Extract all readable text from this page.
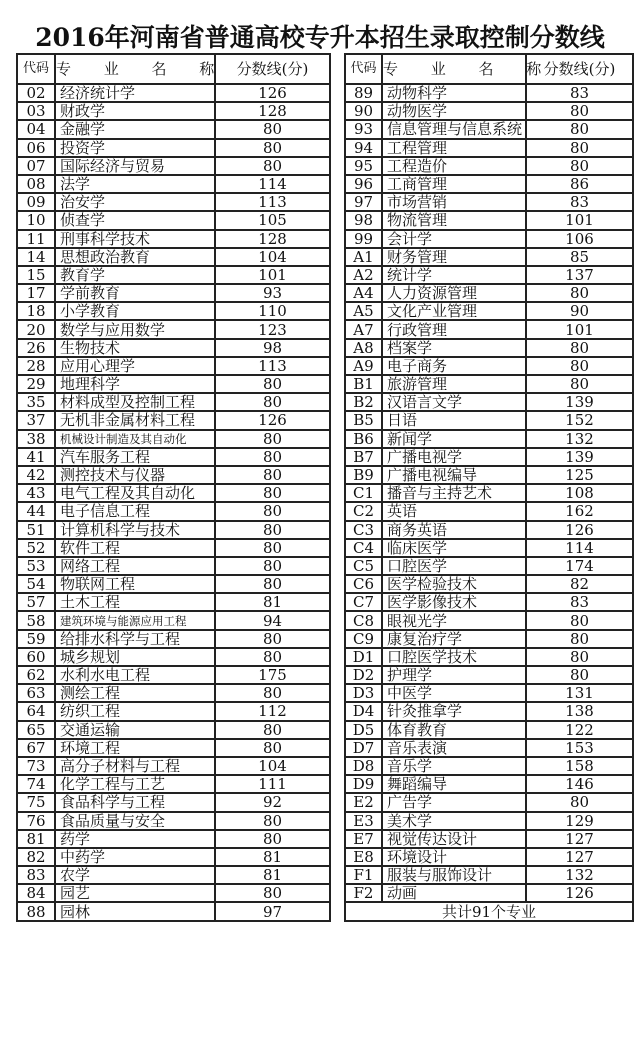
2016年河南省普通高校专升本招生录取控制分数线
代码	专 业 名 称	分数线(分)
02	经济统计学	126
03	财政学	128
04	金融学	80
06	投资学	80
07	国际经济与贸易	80
08	法学	114
09	治安学	113
10	侦查学	105
11	刑事科学技术	128
14	思想政治教育	104
15	教育学	101
17	学前教育	93
18	小学教育	110
20	数学与应用数学	123
26	生物技术	98
28	应用心理学	113
29	地理科学	80
35	材料成型及控制工程	80
37	无机非金属材料工程	126
38	机械设计制造及其自动化	80
41	汽车服务工程	80
42	测控技术与仪器	80
43	电气工程及其自动化	80
44	电子信息工程	80
51	计算机科学与技术	80
52	软件工程	80
53	网络工程	80
54	物联网工程	80
57	土木工程	81
58	建筑环境与能源应用工程	94
59	给排水科学与工程	80
60	城乡规划	80
62	水利水电工程	175
63	测绘工程	80
64	纺织工程	112
65	交通运输	80
67	环境工程	80
73	高分子材料与工程	104
74	化学工程与工艺	111
75	食品科学与工程	92
76	食品质量与安全	80
81	药学	80
82	中药学	81
83	农学	81
84	园艺	80
88	园林	97
代码	专 业 名 称	分数线(分)
89	动物科学	83
90	动物医学	80
93	信息管理与信息系统	80
94	工程管理	80
95	工程造价	80
96	工商管理	86
97	市场营销	83
98	物流管理	101
99	会计学	106
A1	财务管理	85
A2	统计学	137
A4	人力资源管理	80
A5	文化产业管理	90
A7	行政管理	101
A8	档案学	80
A9	电子商务	80
B1	旅游管理	80
B2	汉语言文学	139
B5	日语	152
B6	新闻学	132
B7	广播电视学	139
B9	广播电视编导	125
C1	播音与主持艺术	108
C2	英语	162
C3	商务英语	126
C4	临床医学	114
C5	口腔医学	174
C6	医学检验技术	82
C7	医学影像技术	83
C8	眼视光学	80
C9	康复治疗学	80
D1	口腔医学技术	80
D2	护理学	80
D3	中医学	131
D4	针灸推拿学	138
D5	体育教育	122
D7	音乐表演	153
D8	音乐学	158
D9	舞蹈编导	146
E2	广告学	80
E3	美术学	129
E7	视觉传达设计	127
E8	环境设计	127
F1	服装与服饰设计	132
F2	动画	126
共计91个专业		
